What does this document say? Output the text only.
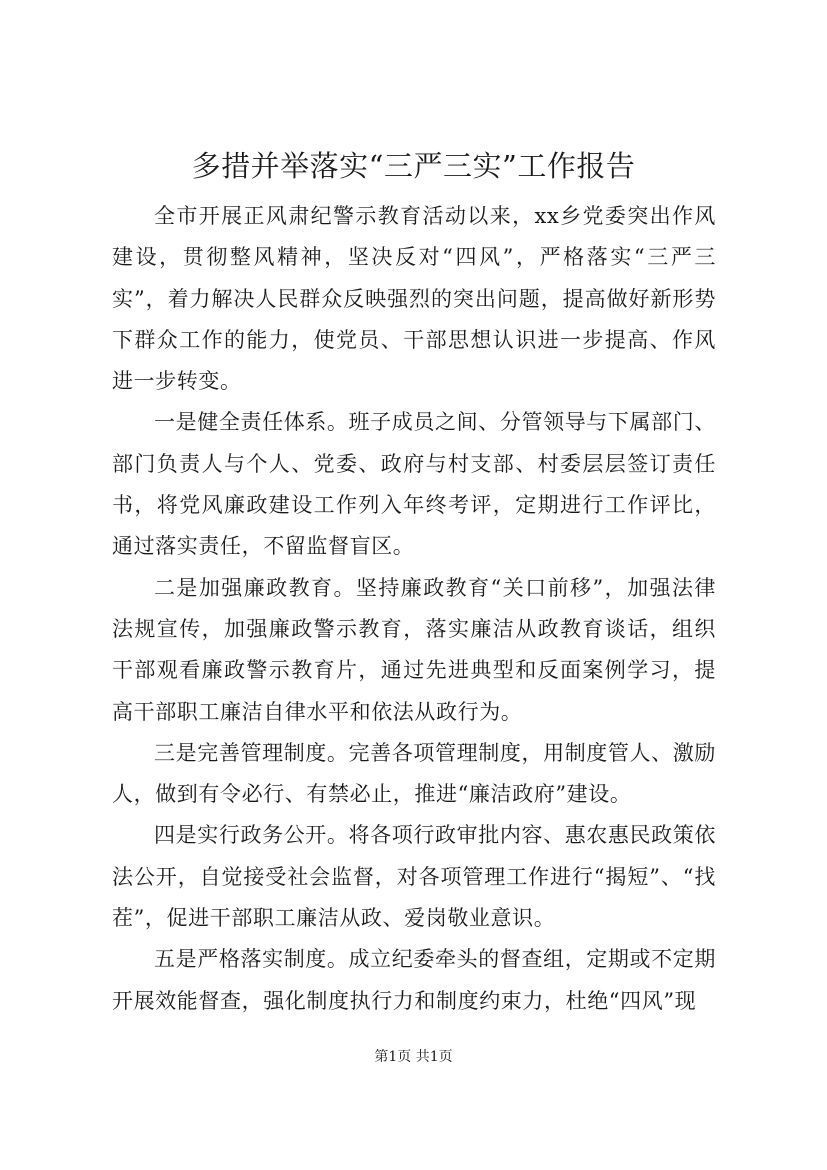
多措并举落实“三严三实”工作报告

全市开展正风肃纪警示教育活动以来，xx乡党委突出作风建设，贯彻整风精神，坚决反对“四风”，严格落实“三严三实”，着力解决人民群众反映强烈的突出问题，提高做好新形势下群众工作的能力，使党员、干部思想认识进一步提高、作风进一步转变。

一是健全责任体系。班子成员之间、分管领导与下属部门、部门负责人与个人、党委、政府与村支部、村委层层签订责任书，将党风廉政建设工作列入年终考评，定期进行工作评比，通过落实责任，不留监督盲区。

二是加强廉政教育。坚持廉政教育“关口前移”，加强法律法规宣传，加强廉政警示教育，落实廉洁从政教育谈话，组织干部观看廉政警示教育片，通过先进典型和反面案例学习，提高干部职工廉洁自律水平和依法从政行为。

三是完善管理制度。完善各项管理制度，用制度管人、激励人，做到有令必行、有禁必止，推进“廉洁政府”建设。

四是实行政务公开。将各项行政审批内容、惠农惠民政策依法公开，自觉接受社会监督，对各项管理工作进行“揭短”、“找茬”，促进干部职工廉洁从政、爱岗敬业意识。

五是严格落实制度。成立纪委牵头的督查组，定期或不定期开展效能督查，强化制度执行力和制度约束力，杜绝“四风”现

第1页 共1页
